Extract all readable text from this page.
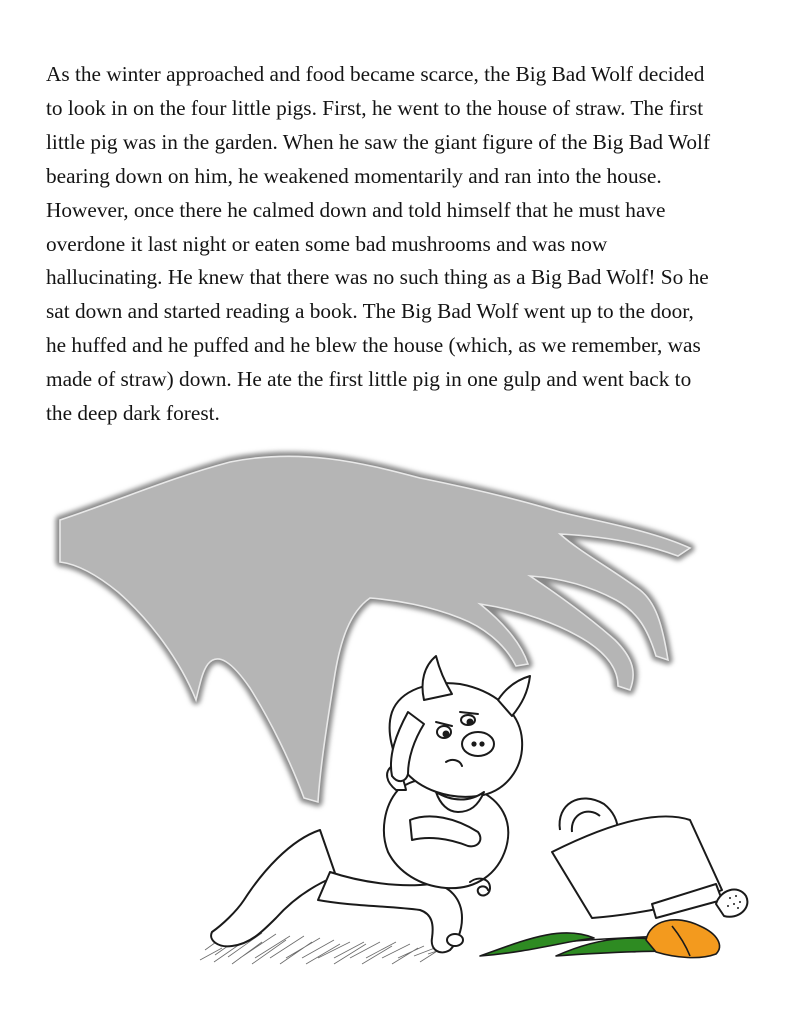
As the winter approached and food became scarce, the Big Bad Wolf decided
to look in on the four little pigs. First, he went to the house of straw. The first
little pig was in the garden. When he saw the giant figure of the Big Bad Wolf
bearing down on him, he weakened momentarily and ran into the house.
However, once there he calmed down and told himself that he must have
overdone it last night or eaten some bad mushrooms and was now
hallucinating. He knew that there was no such thing as a Big Bad Wolf! So he
sat down and started reading a book. The Big Bad Wolf went up to the door,
he huffed and he puffed and he blew the house (which, as we remember, was
made of straw) down. He ate the first little pig in one gulp and went back to
the deep dark forest.
